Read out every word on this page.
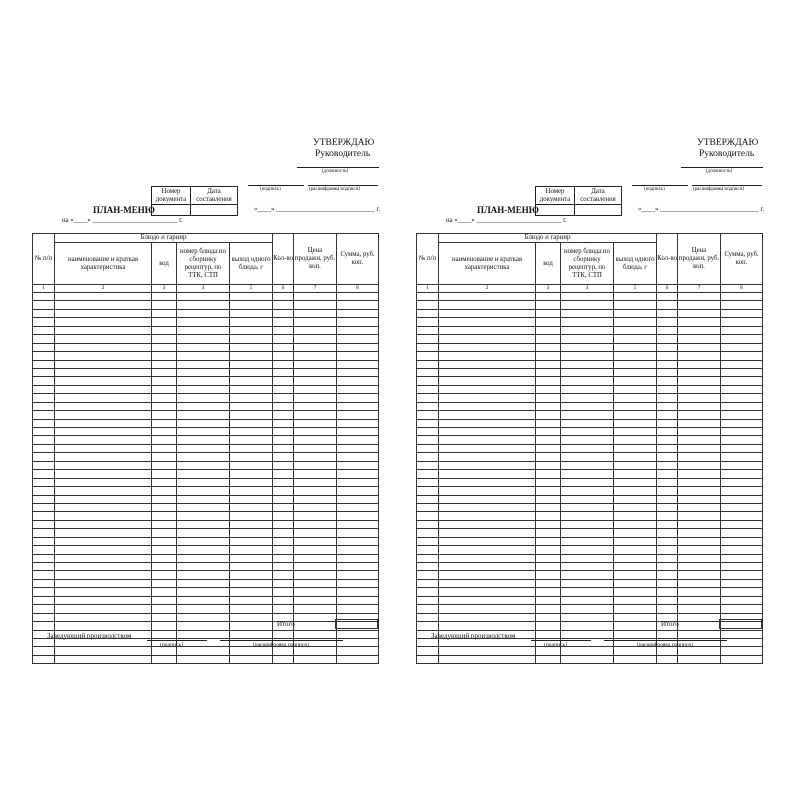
УТВЕРЖДАЮ
Руководитель
(должность)
(подпись)	(расшифровка подписи)
«____» _____________________________ г.
Номер документа
Дата составления
ПЛАН-МЕНЮ
на «____» _________________________ г.
№ п/п	Блюдо и гарнир				Кол-во	Цена продажи, руб. коп.	Сумма, руб. коп.
	наименование и краткая характеристика	код	номер блюда по сборнику рецептур, по ТТК, СТП	выход одного блюда, г			
1	2	3	4	5	6	7	8

Итого
Заведующий производством
(подпись)	(расшифровка подписи)
УТВЕРЖДАЮ
Руководитель
(должность)
(подпись)	(расшифровка подписи)
«____» _____________________________ г.
Номер документа
Дата составления
ПЛАН-МЕНЮ
на «____» _________________________ г.
№ п/п	Блюдо и гарнир				Кол-во	Цена продажи, руб. коп.	Сумма, руб. коп.
	наименование и краткая характеристика	код	номер блюда по сборнику рецептур, по ТТК, СТП	выход одного блюда, г			
1	2	3	4	5	6	7	8

Итого
Заведующий производством
(подпись)	(расшифровка подписи)
